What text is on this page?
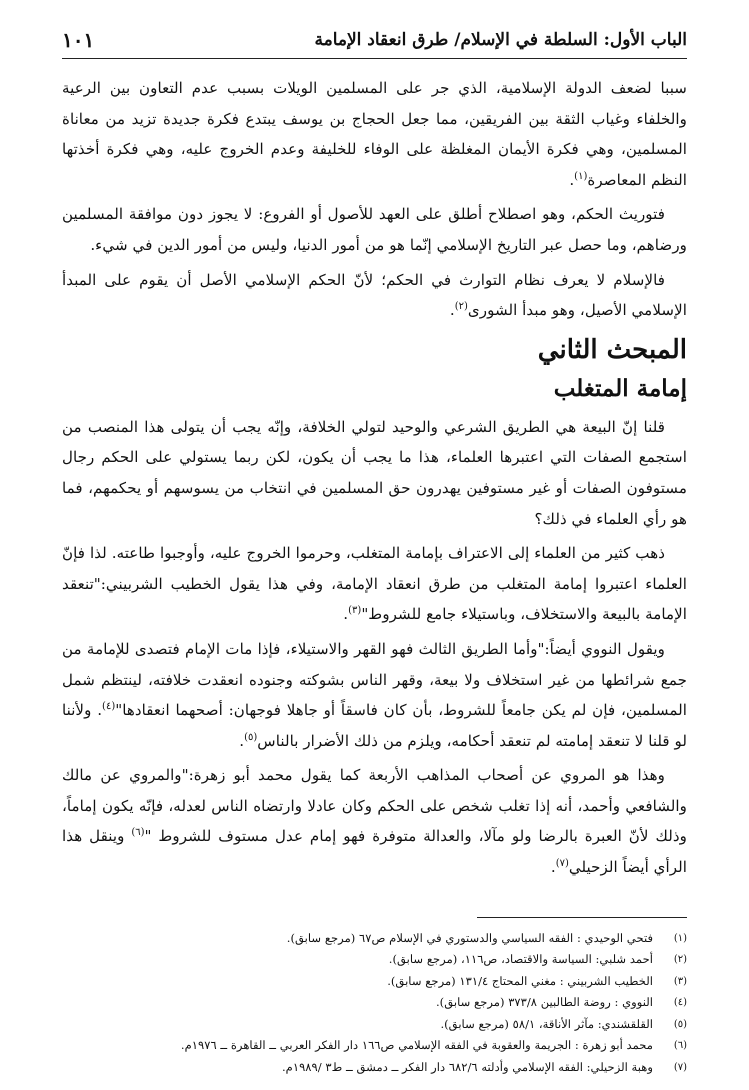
الباب الأول: السلطة في الإسلام/ طرق انعقاد الإمامة
١٠١

سببا لضعف الدولة الإسلامية، الذي جر على المسلمين الويلات بسبب عدم التعاون بين الرعية والخلفاء وغياب الثقة بين الفريقين، مما جعل الحجاج بن يوسف يبتدع فكرة جديدة تزيد من معاناة المسلمين، وهي فكرة الأيمان المغلظة على الوفاء للخليفة وعدم الخروج عليه، وهي فكرة أخذتها النظم المعاصرة$^{(١)}$.

فتوريث الحكم، وهو اصطلاح أطلق على العهد للأصول أو الفروع: لا يجوز دون موافقة المسلمين ورضاهم، وما حصل عبر التاريخ الإسلامي إنّما هو من أمور الدنيا، وليس من أمور الدين في شيء.

فالإسلام لا يعرف نظام التوارث في الحكم؛ لأنّ الحكم الإسلامي الأصل أن يقوم على المبدأ الإسلامي الأصيل، وهو مبدأ الشورى$^{(٢)}$.

المبحث الثاني
إمامة المتغلب

قلنا إنّ البيعة هي الطريق الشرعي والوحيد لتولي الخلافة، وإنّه يجب أن يتولى هذا المنصب من استجمع الصفات التي اعتبرها العلماء، هذا ما يجب أن يكون، لكن ربما يستولي على الحكم رجال مستوفون الصفات أو غير مستوفين يهدرون حق المسلمين في انتخاب من يسوسهم أو يحكمهم، فما هو رأي العلماء في ذلك؟

ذهب كثير من العلماء إلى الاعتراف بإمامة المتغلب، وحرموا الخروج عليه، وأوجبوا طاعته. لذا فإنّ العلماء اعتبروا إمامة المتغلب من طرق انعقاد الإمامة، وفي هذا يقول الخطيب الشربيني:"تنعقد الإمامة بالبيعة والاستخلاف، وباستيلاء جامع للشروط"$^{(٣)}$.

ويقول النووي أيضاً:"وأما الطريق الثالث فهو القهر والاستيلاء، فإذا مات الإمام فتصدى للإمامة من جمع شرائطها من غير استخلاف ولا بيعة، وقهر الناس بشوكته وجنوده انعقدت خلافته، لينتظم شمل المسلمين، فإن لم يكن جامعاً للشروط، بأن كان فاسقاً أو جاهلا فوجهان: أصحهما انعقادها"$^{(٤)}$. ولأننا لو قلنا لا تنعقد إمامته لم تنعقد أحكامه، ويلزم من ذلك الأضرار بالناس$^{(٥)}$.

وهذا هو المروي عن أصحاب المذاهب الأربعة كما يقول محمد أبو زهرة:"والمروي عن مالك والشافعي وأحمد، أنه إذا تغلب شخص على الحكم وكان عادلا وارتضاه الناس لعدله، فإنّه يكون إماماً، وذلك لأنّ العبرة بالرضا ولو مآلا، والعدالة متوفرة فهو إمام عدل مستوف للشروط "$^{(٦)}$ وينقل هذا الرأي أيضاً الزحيلي$^{(٧)}$.

(١)
فتحي الوحيدي : الفقه السياسي والدستوري في الإسلام ص٦٧ (مرجع سابق).
(٢)
أحمد شلبي: السياسة والاقتصاد، ص١١٦، (مرجع سابق).
(٣)
الخطيب الشربيني : مغني المحتاج ١٣١/٤ (مرجع سابق).
(٤)
النووي : روضة الطالبين ٣٧٣/٨ (مرجع سابق).
(٥)
القلقشندي: مآثر الأناقة، ٥٨/١ (مرجع سابق).
(٦)
محمد أبو زهرة : الجريمة والعقوبة في الفقه الإسلامي ص١٦٦ دار الفكر العربي ــ القاهرة ــ ١٩٧٦م.
(٧)
وهبة الزحيلي: الفقه الإسلامي وأدلته ٦٨٢/٦ دار الفكر ــ دمشق ــ ط٣ /١٩٨٩م.
